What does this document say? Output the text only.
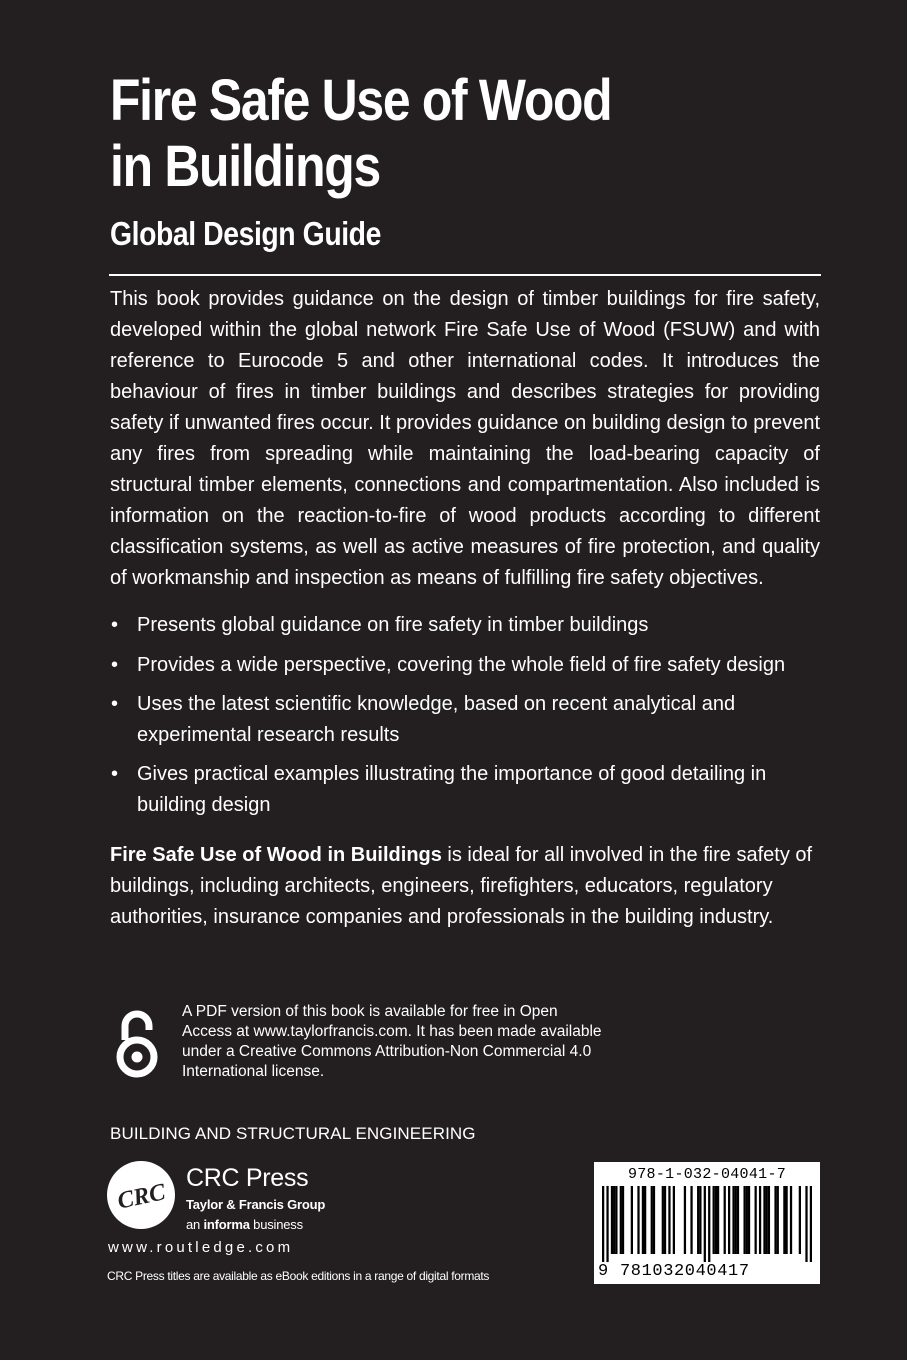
Fire Safe Use of Wood
in Buildings
Global Design Guide

This book provides guidance on the design of timber buildings for fire safety, developed within the global network Fire Safe Use of Wood (FSUW) and with reference to Eurocode 5 and other international codes. It introduces the behaviour of fires in timber buildings and describes strategies for providing safety if unwanted fires occur. It provides guidance on building design to prevent any fires from spreading while maintaining the load-bearing capacity of structural timber elements, connections and compartmentation. Also included is information on the reaction-to-fire of wood products according to different classification systems, as well as active measures of fire protection, and quality of workmanship and inspection as means of fulfilling fire safety objectives.

• Presents global guidance on fire safety in timber buildings
• Provides a wide perspective, covering the whole field of fire safety design
• Uses the latest scientific knowledge, based on recent analytical and experimental research results
• Gives practical examples illustrating the importance of good detailing in building design

Fire Safe Use of Wood in Buildings is ideal for all involved in the fire safety of buildings, including architects, engineers, firefighters, educators, regulatory authorities, insurance companies and professionals in the building industry.

A PDF version of this book is available for free in Open Access at www.taylorfrancis.com. It has been made available under a Creative Commons Attribution-Non Commercial 4.0 International license.

BUILDING AND STRUCTURAL ENGINEERING
CRC
CRC Press
Taylor & Francis Group
an informa business
www.routledge.com
CRC Press titles are available as eBook editions in a range of digital formats
978-1-032-04041-7
9 781032040417
